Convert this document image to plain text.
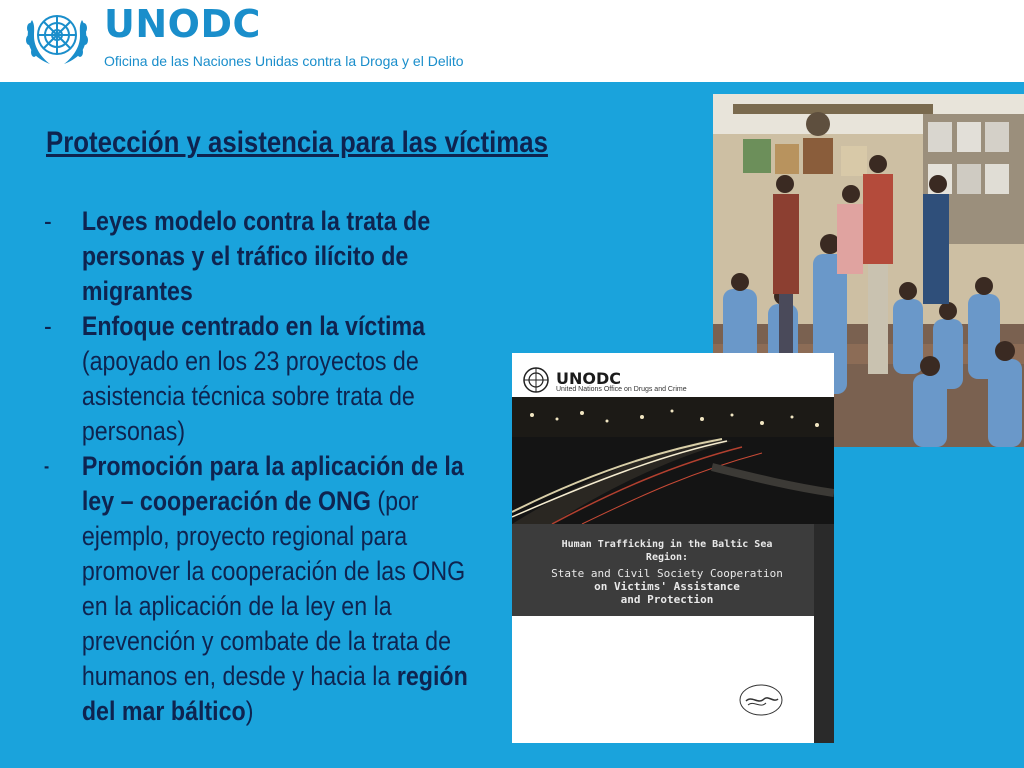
UNODC
Oficina de las Naciones Unidas contra la Droga y el Delito
Protección y asistencia para las víctimas
-	Leyes modelo contra la trata de personas y el tráfico ilícito de migrantes
-	Enfoque centrado en la víctima (apoyado en los 23 proyectos de asistencia técnica sobre trata de personas)
-	Promoción para la aplicación de la ley – cooperación de ONG (por ejemplo, proyecto regional para promover la cooperación de las ONG en la aplicación de la ley en la prevención y combate de la trata de humanos en, desde y hacia la región del mar báltico)
UNODC
United Nations Office on Drugs and Crime
Human Trafficking in the Baltic Sea Region:
State and Civil Society Cooperation
on Victims' Assistance
and Protection
